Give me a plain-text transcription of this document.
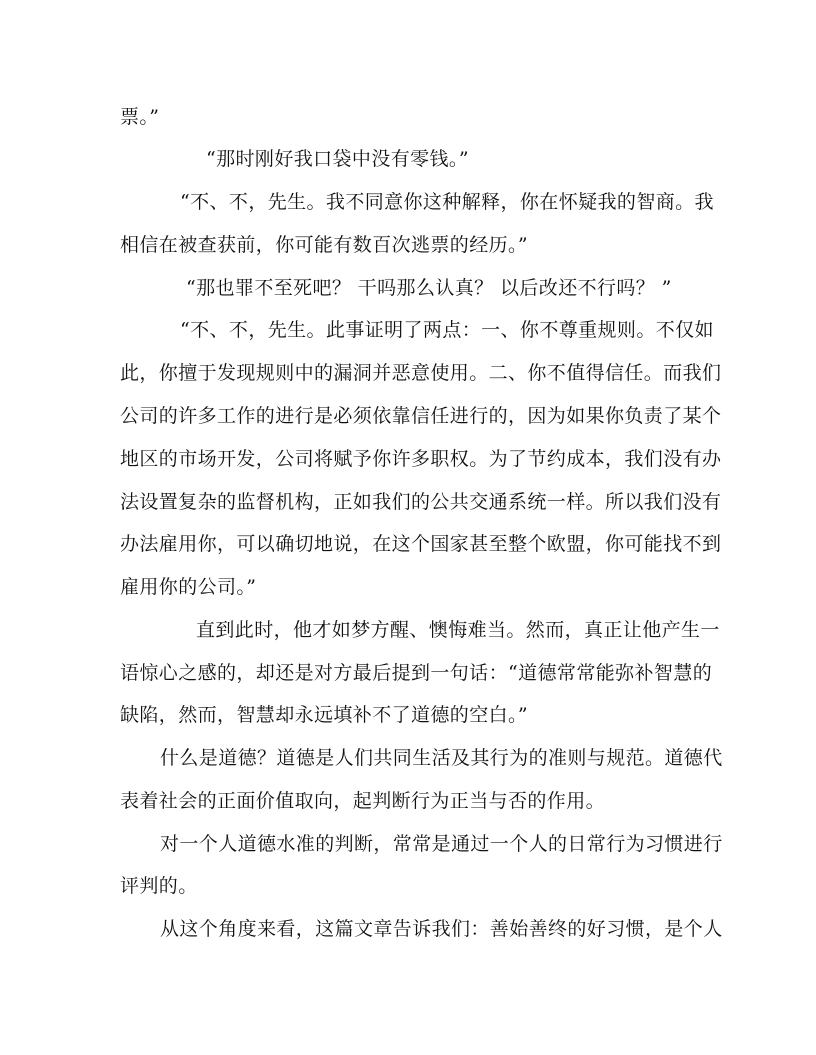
票。”
“那时刚好我口袋中没有零钱。”
“不、不，先生。我不同意你这种解释，你在怀疑我的智商。我
相信在被查获前，你可能有数百次逃票的经历。”
“那也罪不至死吧？ 干吗那么认真？ 以后改还不行吗？ ”
“不、不，先生。此事证明了两点：一、你不尊重规则。不仅如
此，你擅于发现规则中的漏洞并恶意使用。二、你不值得信任。而我们
公司的许多工作的进行是必须依靠信任进行的，因为如果你负责了某个
地区的市场开发，公司将赋予你许多职权。为了节约成本，我们没有办
法设置复杂的监督机构，正如我们的公共交通系统一样。所以我们没有
办法雇用你，可以确切地说，在这个国家甚至整个欧盟，你可能找不到
雇用你的公司。”
直到此时，他才如梦方醒、懊悔难当。然而，真正让他产生一
语惊心之感的，却还是对方最后提到一句话：“道德常常能弥补智慧的
缺陷，然而，智慧却永远填补不了道德的空白。”
什么是道德？道德是人们共同生活及其行为的准则与规范。道德代
表着社会的正面价值取向，起判断行为正当与否的作用。
对一个人道德水准的判断，常常是通过一个人的日常行为习惯进行
评判的。
从这个角度来看，这篇文章告诉我们：善始善终的好习惯，是个人
